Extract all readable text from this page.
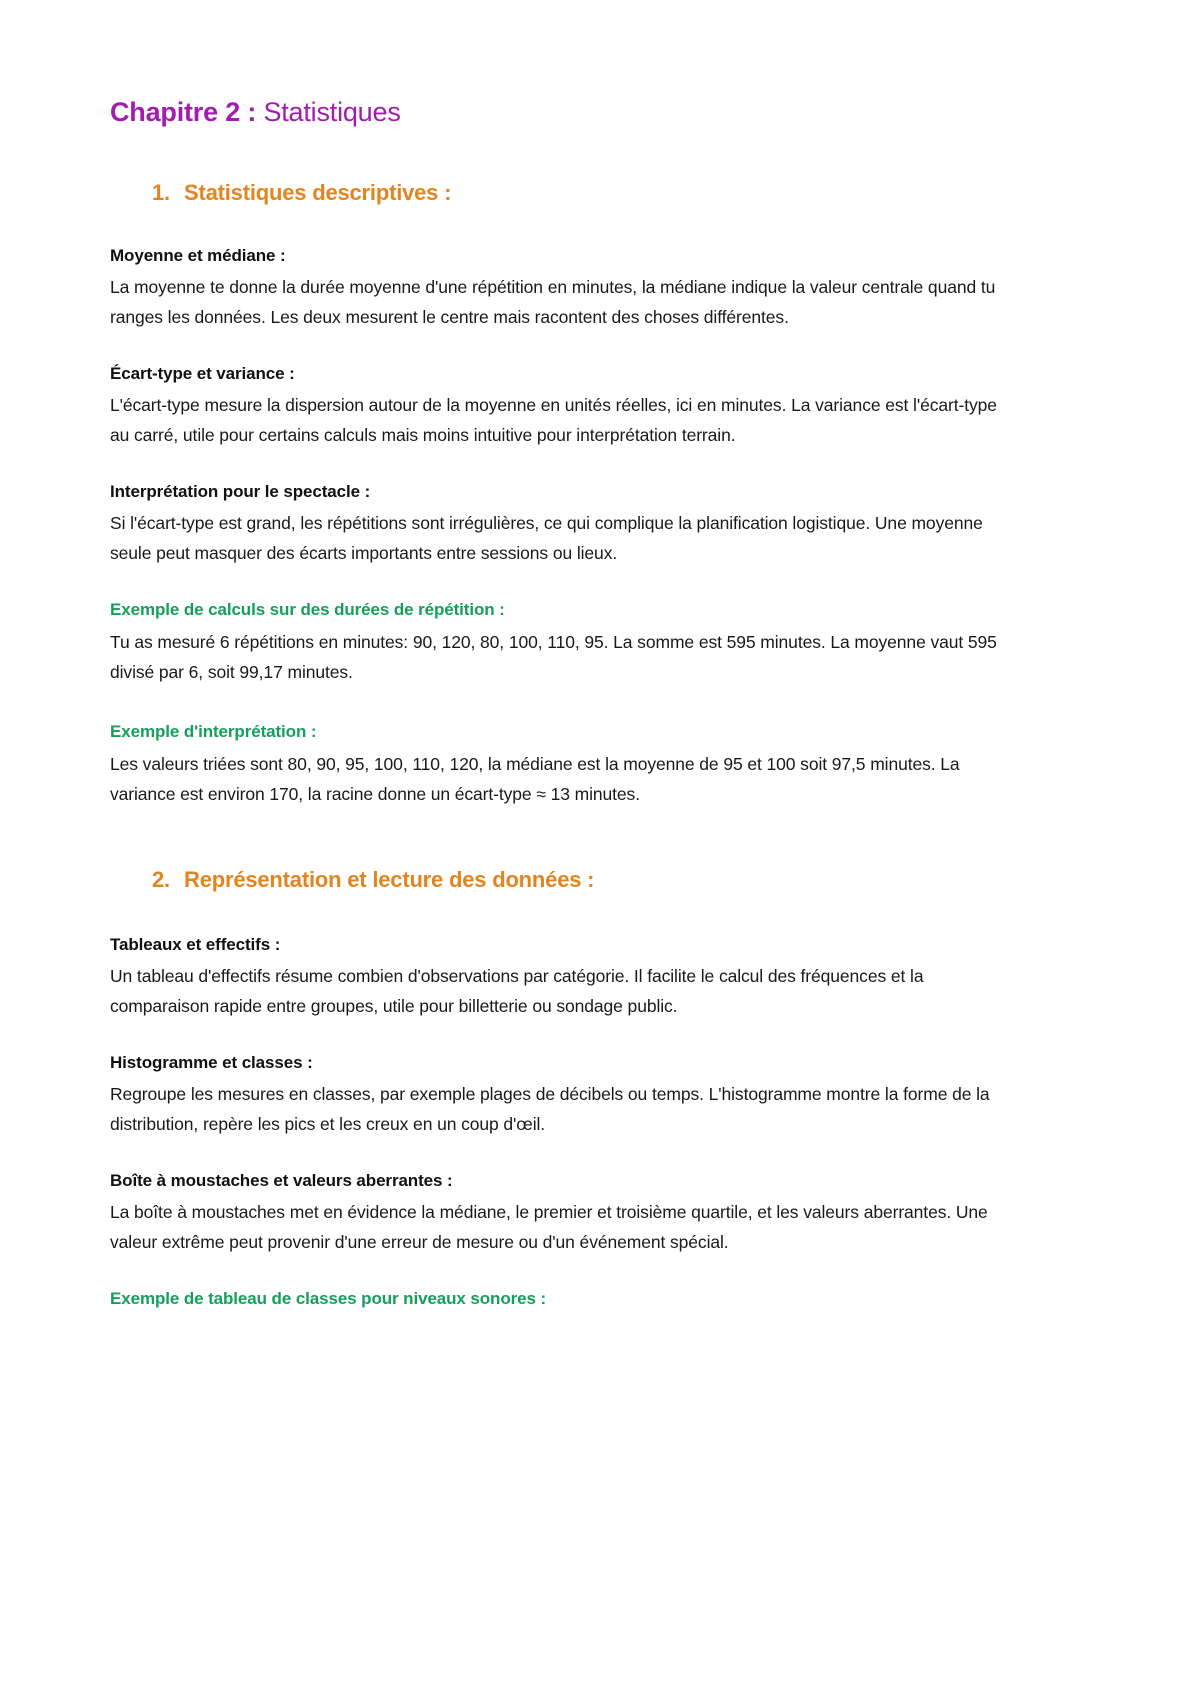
Chapitre 2 : Statistiques
1. Statistiques descriptives :

Moyenne et médiane :

La moyenne te donne la durée moyenne d'une répétition en minutes, la médiane indique la valeur centrale quand tu ranges les données. Les deux mesurent le centre mais racontent des choses différentes.

Écart-type et variance :

L'écart-type mesure la dispersion autour de la moyenne en unités réelles, ici en minutes. La variance est l'écart-type au carré, utile pour certains calculs mais moins intuitive pour interprétation terrain.

Interprétation pour le spectacle :

Si l'écart-type est grand, les répétitions sont irrégulières, ce qui complique la planification logistique. Une moyenne seule peut masquer des écarts importants entre sessions ou lieux.

Exemple de calculs sur des durées de répétition :

Tu as mesuré 6 répétitions en minutes: 90, 120, 80, 100, 110, 95. La somme est 595 minutes. La moyenne vaut 595 divisé par 6, soit 99,17 minutes.

Exemple d'interprétation :

Les valeurs triées sont 80, 90, 95, 100, 110, 120, la médiane est la moyenne de 95 et 100 soit 97,5 minutes. La variance est environ 170, la racine donne un écart-type ≈ 13 minutes.

2. Représentation et lecture des données :

Tableaux et effectifs :

Un tableau d'effectifs résume combien d'observations par catégorie. Il facilite le calcul des fréquences et la comparaison rapide entre groupes, utile pour billetterie ou sondage public.

Histogramme et classes :

Regroupe les mesures en classes, par exemple plages de décibels ou temps. L'histogramme montre la forme de la distribution, repère les pics et les creux en un coup d'œil.

Boîte à moustaches et valeurs aberrantes :

La boîte à moustaches met en évidence la médiane, le premier et troisième quartile, et les valeurs aberrantes. Une valeur extrême peut provenir d'une erreur de mesure ou d'un événement spécial.

Exemple de tableau de classes pour niveaux sonores :
